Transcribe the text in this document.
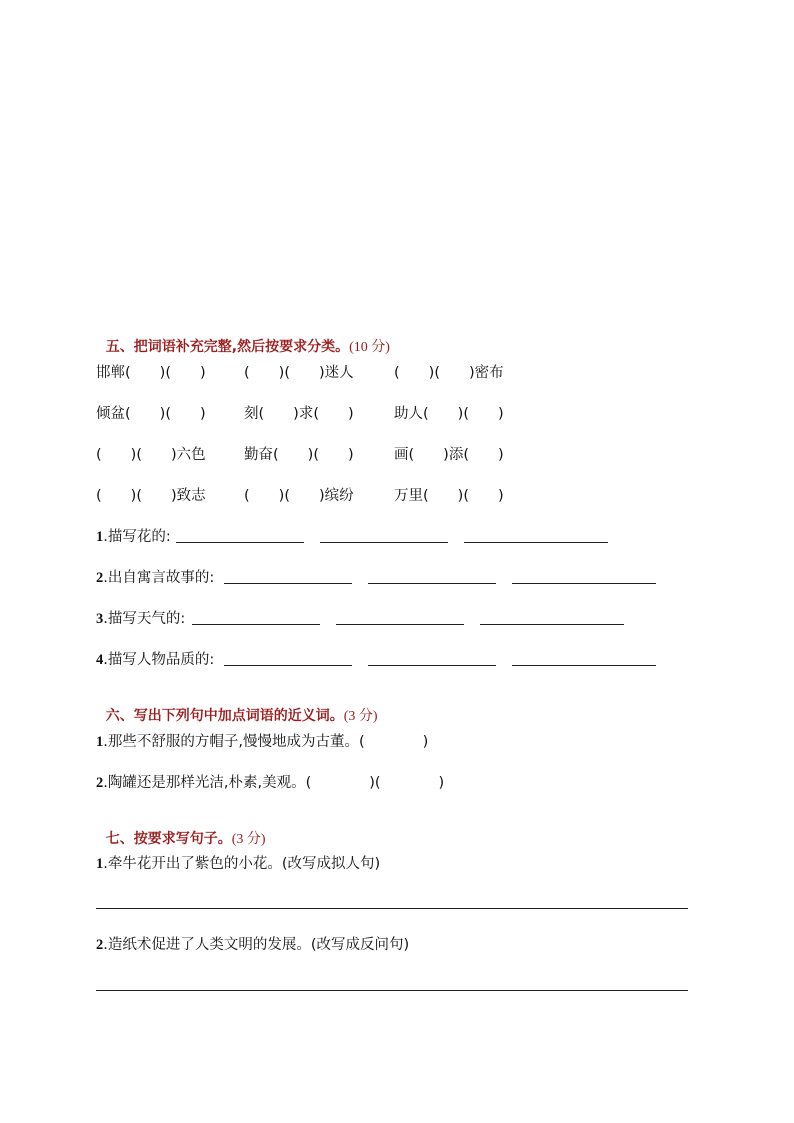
五、把词语补充完整,然后按要求分类。(10 分)

邯郸(　　)(　　)	(　　)(　　)迷人	(　　)(　　)密布
倾盆(　　)(　　)	刻(　　)求(　　)	助人(　　)(　　)
(　　)(　　)六色	勤奋(　　)(　　)	画(　　)添(　　)
(　　)(　　)致志	(　　)(　　)缤纷	万里(　　)(　　)
1.描写花的:
2.出自寓言故事的:
3.描写天气的:
4.描写人物品质的:

六、写出下列句中加点词语的近义词。(3 分)

1.那些不舒服的方帽子,慢慢地成为古董。(　　　　)
2.陶罐还是那样光洁,朴素,美观。(　　　　)(　　　　)

七、按要求写句子。(3 分)

1.牵牛花开出了紫色的小花。(改写成拟人句)
2.造纸术促进了人类文明的发展。(改写成反问句)
